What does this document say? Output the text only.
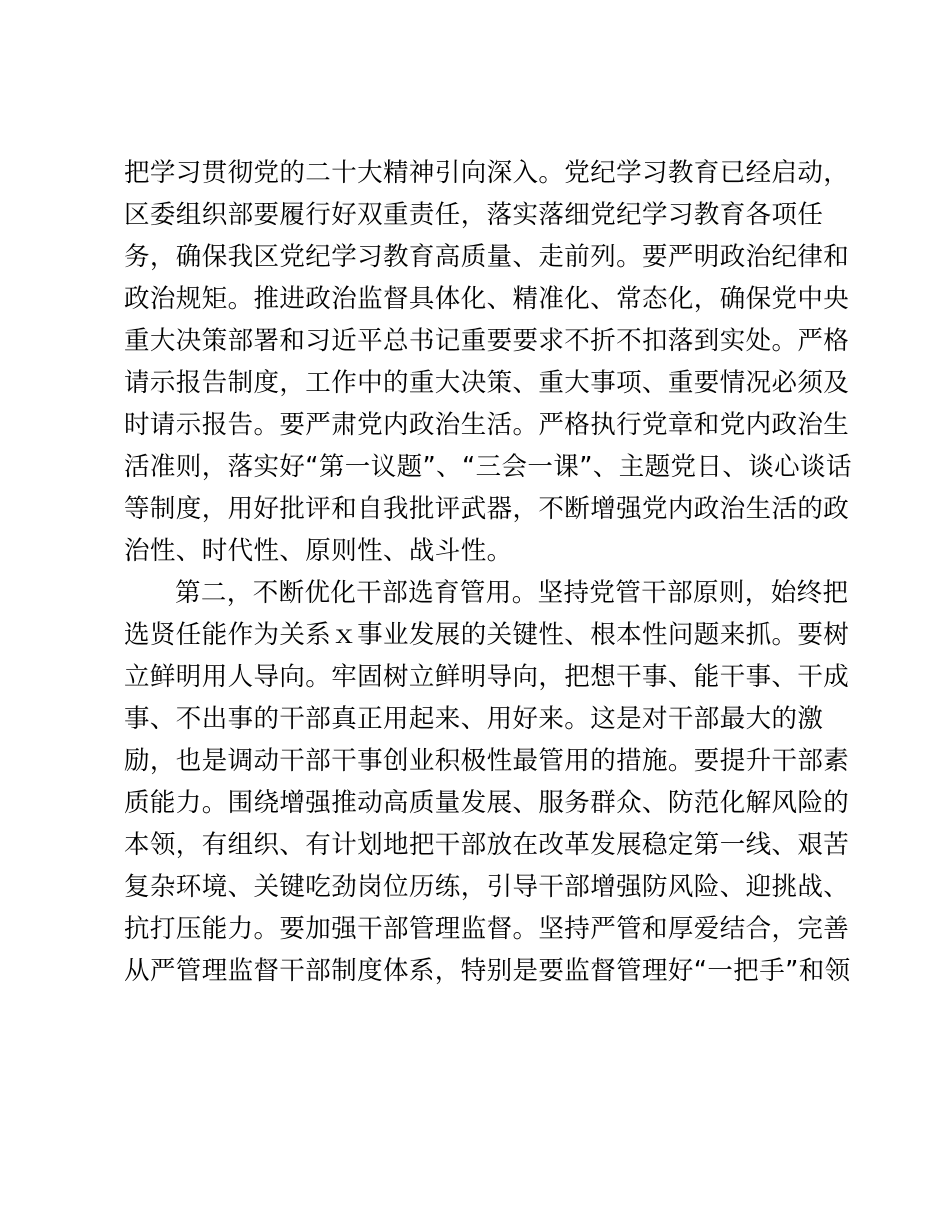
把学习贯彻党的二十大精神引向深入。党纪学习教育已经启动，
区委组织部要履行好双重责任，落实落细党纪学习教育各项任
务，确保我区党纪学习教育高质量、走前列。要严明政治纪律和
政治规矩。推进政治监督具体化、精准化、常态化，确保党中央
重大决策部署和习近平总书记重要要求不折不扣落到实处。严格
请示报告制度，工作中的重大决策、重大事项、重要情况必须及
时请示报告。要严肃党内政治生活。严格执行党章和党内政治生
活准则，落实好“第一议题”、“三会一课”、主题党日、谈心谈话
等制度，用好批评和自我批评武器，不断增强党内政治生活的政
治性、时代性、原则性、战斗性。
第二，不断优化干部选育管用。坚持党管干部原则，始终把
选贤任能作为关系ｘ事业发展的关键性、根本性问题来抓。要树
立鲜明用人导向。牢固树立鲜明导向，把想干事、能干事、干成
事、不出事的干部真正用起来、用好来。这是对干部最大的激
励，也是调动干部干事创业积极性最管用的措施。要提升干部素
质能力。围绕增强推动高质量发展、服务群众、防范化解风险的
本领，有组织、有计划地把干部放在改革发展稳定第一线、艰苦
复杂环境、关键吃劲岗位历练，引导干部增强防风险、迎挑战、
抗打压能力。要加强干部管理监督。坚持严管和厚爱结合，完善
从严管理监督干部制度体系，特别是要监督管理好“一把手”和领
